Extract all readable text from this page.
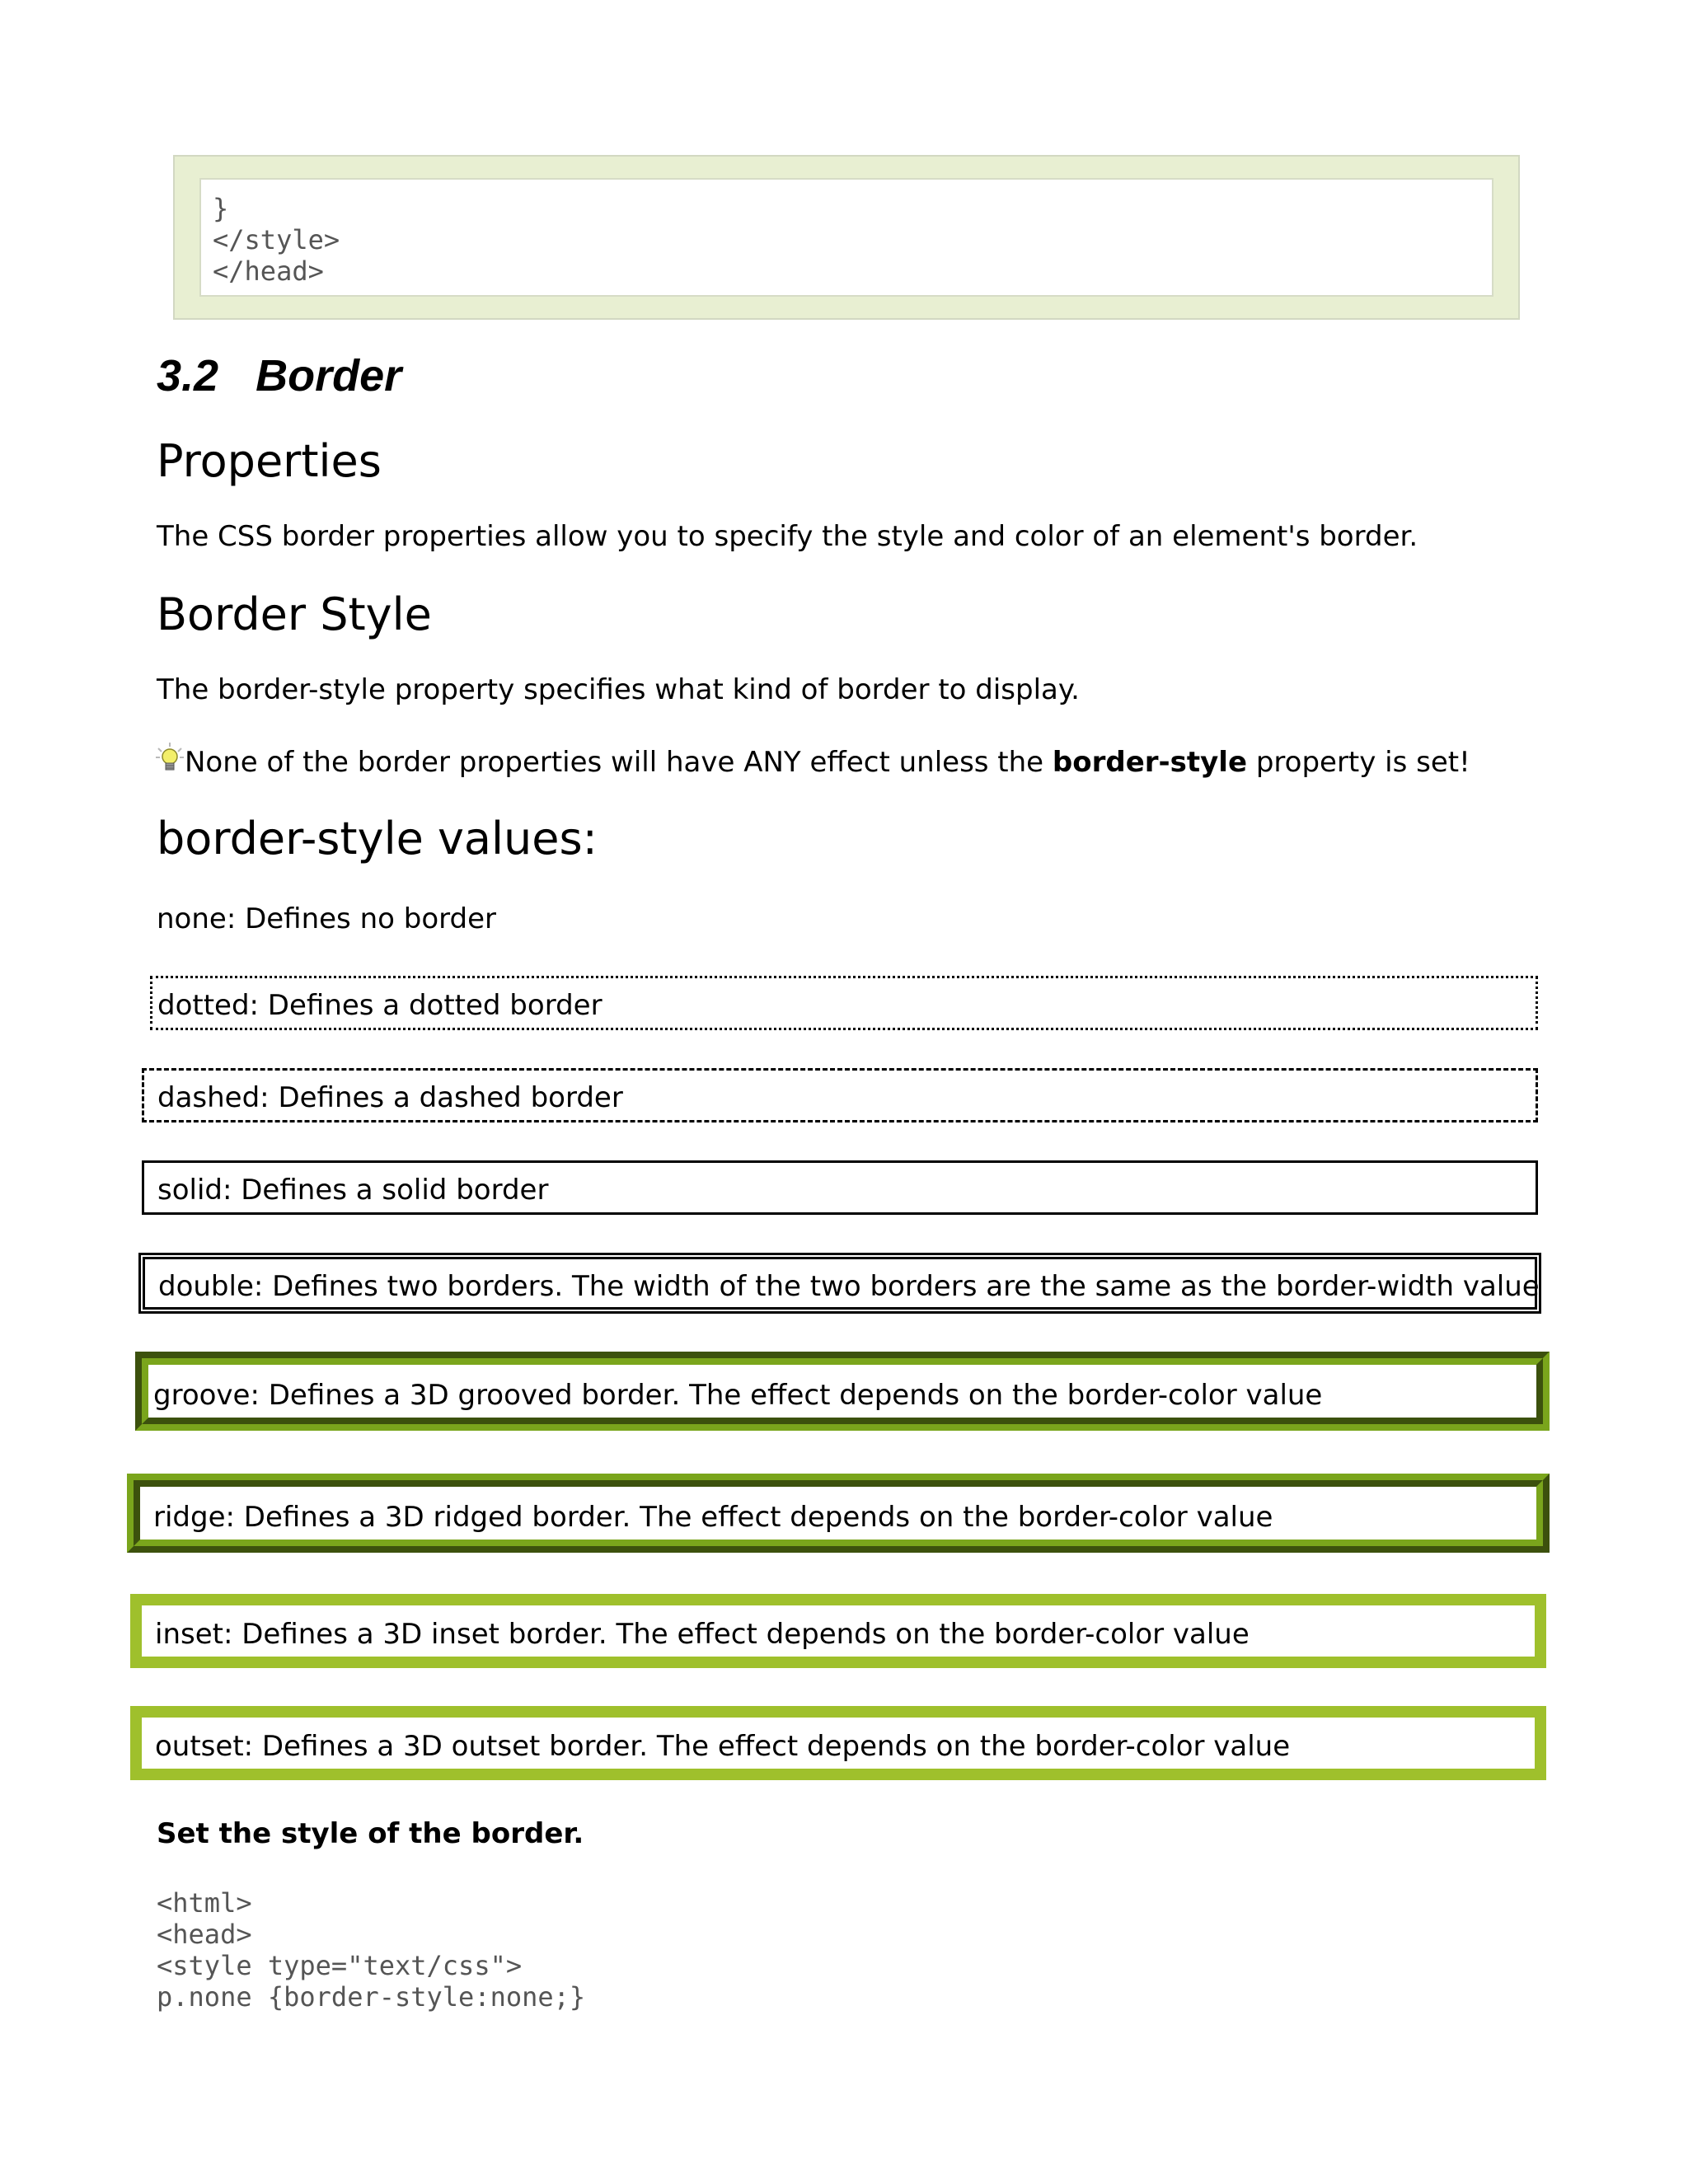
}
</style>
</head>
3.2 Border
Properties

The CSS border properties allow you to specify the style and color of an element's border.

Border Style

The border-style property specifies what kind of border to display.

None of the border properties will have ANY effect unless the border-style property is set!

border-style values:

none: Defines no border

dotted: Defines a dotted border
dashed: Defines a dashed border
solid: Defines a solid border
double: Defines two borders. The width of the two borders are the same as the border-width value
groove: Defines a 3D grooved border. The effect depends on the border-color value
ridge: Defines a 3D ridged border. The effect depends on the border-color value
inset: Defines a 3D inset border. The effect depends on the border-color value
outset: Defines a 3D outset border. The effect depends on the border-color value

Set the style of the border.

<html>
<head>
<style type="text/css">
p.none {border-style:none;}
